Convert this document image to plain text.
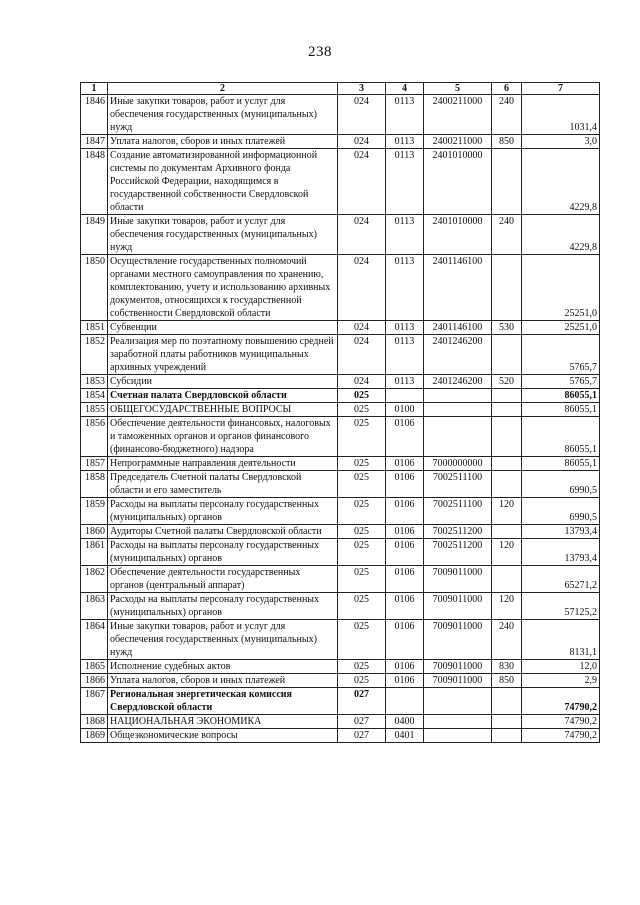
238
1	2	3	4	5	6	7
1846	Иные закупки товаров, работ и услуг для обеспечения государственных (муниципальных) нужд	024	0113	2400211000	240	1031,4
1847	Уплата налогов, сборов и иных платежей	024	0113	2400211000	850	3,0
1848	Создание автоматизированной информационной системы по документам Архивного фонда Российской Федерации, находящимся в государственной собственности Свердловской области	024	0113	2401010000		4229,8
1849	Иные закупки товаров, работ и услуг для обеспечения государственных (муниципальных) нужд	024	0113	2401010000	240	4229,8
1850	Осуществление государственных полномочий органами местного самоуправления по хранению, комплектованию, учету и использованию архивных документов, относящихся к государственной собственности Свердловской области	024	0113	2401146100		25251,0
1851	Субвенции	024	0113	2401146100	530	25251,0
1852	Реализация мер по поэтапному повышению средней заработной платы работников муниципальных архивных учреждений	024	0113	2401246200		5765,7
1853	Субсидии	024	0113	2401246200	520	5765,7
1854	Счетная палата Свердловской области	025				86055,1
1855	ОБЩЕГОСУДАРСТВЕННЫЕ ВОПРОСЫ	025	0100			86055,1
1856	Обеспечение деятельности финансовых, налоговых и таможенных органов и органов финансового (финансово-бюджетного) надзора	025	0106			86055,1
1857	Непрограммные направления деятельности	025	0106	7000000000		86055,1
1858	Председатель Счетной палаты Свердловской области и его заместитель	025	0106	7002511100		6990,5
1859	Расходы на выплаты персоналу государственных (муниципальных) органов	025	0106	7002511100	120	6990,5
1860	Аудиторы Счетной палаты Свердловской области	025	0106	7002511200		13793,4
1861	Расходы на выплаты персоналу государственных (муниципальных) органов	025	0106	7002511200	120	13793,4
1862	Обеспечение деятельности государственных органов (центральный аппарат)	025	0106	7009011000		65271,2
1863	Расходы на выплаты персоналу государственных (муниципальных) органов	025	0106	7009011000	120	57125,2
1864	Иные закупки товаров, работ и услуг для обеспечения государственных (муниципальных) нужд	025	0106	7009011000	240	8131,1
1865	Исполнение судебных актов	025	0106	7009011000	830	12,0
1866	Уплата налогов, сборов и иных платежей	025	0106	7009011000	850	2,9
1867	Региональная энергетическая комиссия Свердловской области	027				74790,2
1868	НАЦИОНАЛЬНАЯ ЭКОНОМИКА	027	0400			74790,2
1869	Общеэкономические вопросы	027	0401			74790,2
